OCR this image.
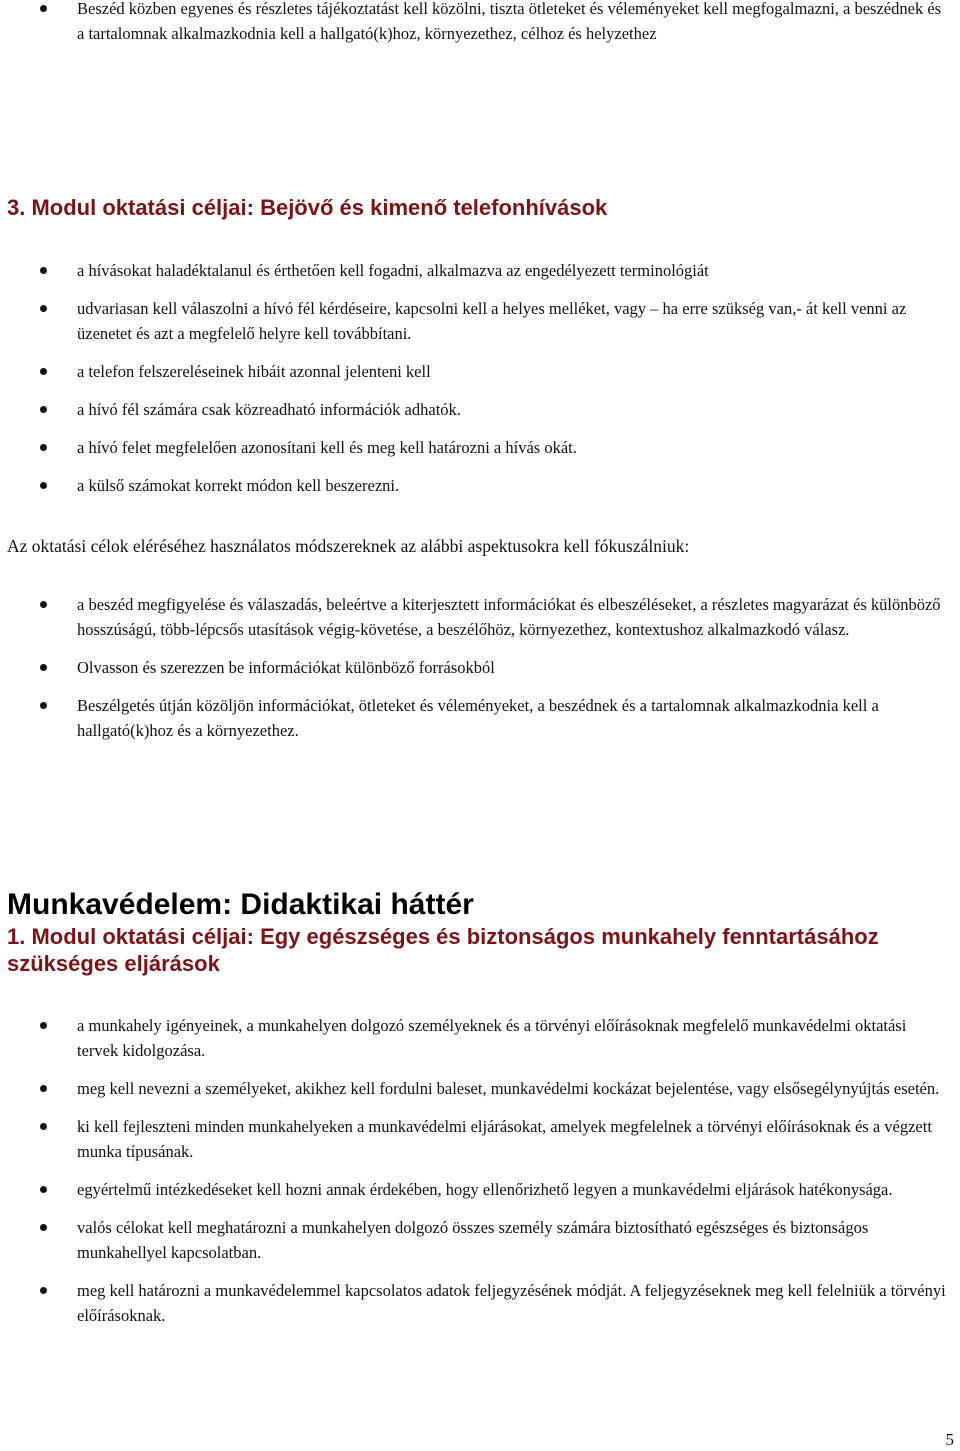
Beszéd közben egyenes és részletes tájékoztatást kell közölni, tiszta ötleteket és véleményeket kell megfogalmazni, a beszédnek és a tartalomnak alkalmazkodnia kell a hallgató(k)hoz, környezethez, célhoz és helyzethez
3. Modul oktatási céljai: Bejövő és kimenő telefonhívások
a hívásokat haladéktalanul és érthetően kell fogadni, alkalmazva az engedélyezett terminológiát
udvariasan kell válaszolni a hívó fél kérdéseire, kapcsolni kell a helyes melléket, vagy – ha erre szükség van,- át kell venni az üzenetet és azt a megfelelő helyre kell továbbítani.
a telefon felszereléseinek hibáit azonnal jelenteni kell
a hívó fél számára csak közreadható információk adhatók.
a hívó felet megfelelően azonosítani kell és meg kell határozni a hívás okát.
a külső számokat korrekt módon kell beszerezni.

Az oktatási célok eléréséhez használatos módszereknek az alábbi aspektusokra kell fókuszálniuk:

a beszéd megfigyelése és válaszadás, beleértve a kiterjesztett információkat és elbeszéléseket, a részletes magyarázat és különböző hosszúságú, több-lépcsős utasítások végig-követése, a beszélőhöz, környezethez, kontextushoz alkalmazkodó válasz.
Olvasson és szerezzen be információkat különböző forrásokból
Beszélgetés útján közöljön információkat, ötleteket és véleményeket, a beszédnek és a tartalomnak alkalmazkodnia kell a hallgató(k)hoz és a környezethez.
Munkavédelem: Didaktikai háttér
1. Modul oktatási céljai: Egy egészséges és biztonságos munkahely fenntartásához szükséges eljárások
a munkahely igényeinek, a munkahelyen dolgozó személyeknek és a törvényi előírásoknak megfelelő munkavédelmi oktatási tervek kidolgozása.
meg kell nevezni a személyeket, akikhez kell fordulni baleset, munkavédelmi kockázat bejelentése, vagy elsősegélynyújtás esetén.
ki kell fejleszteni minden munkahelyeken a munkavédelmi eljárásokat, amelyek megfelelnek a törvényi előírásoknak és a végzett munka típusának.
egyértelmű intézkedéseket kell hozni annak érdekében, hogy ellenőrizhető legyen a munkavédelmi eljárások hatékonysága.
valós célokat kell meghatározni a munkahelyen dolgozó összes személy számára biztosítható egészséges és biztonságos munkahellyel kapcsolatban.
meg kell határozni a munkavédelemmel kapcsolatos adatok feljegyzésének módját. A feljegyzéseknek meg kell felelniük a törvényi előírásoknak.
5
